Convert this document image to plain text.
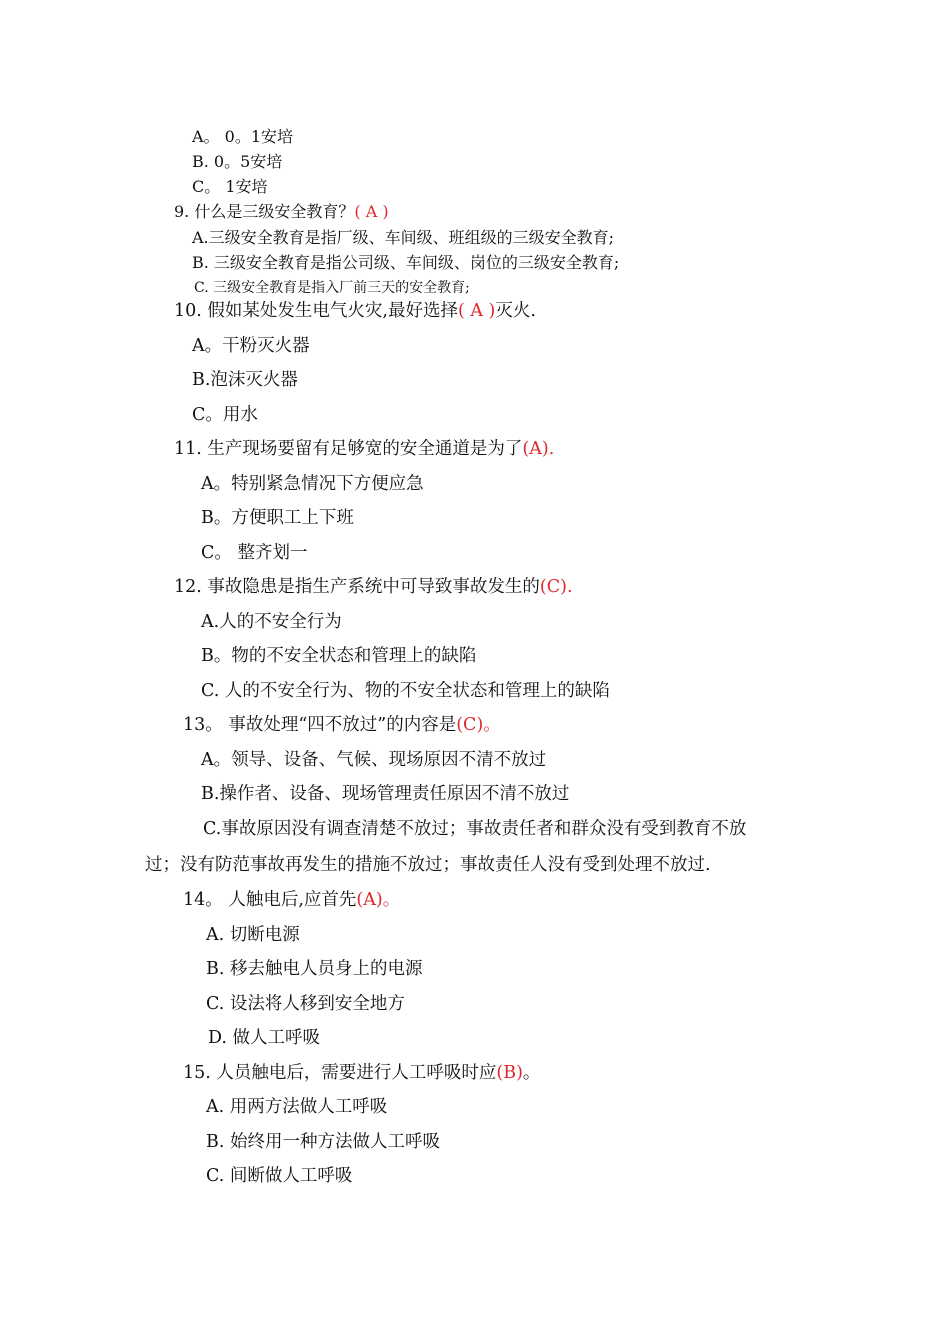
A。 0。1安培
B. 0。5安培
C。 1安培
9. 什么是三级安全教育？( A )
A.三级安全教育是指厂级、车间级、班组级的三级安全教育;
B. 三级安全教育是指公司级、车间级、岗位的三级安全教育;
C. 三级安全教育是指入厂前三天的安全教育;
10. 假如某处发生电气火灾,最好选择( A )灭火.
A。干粉灭火器
B.泡沫灭火器
C。用水
11. 生产现场要留有足够宽的安全通道是为了(A).
A。特别紧急情况下方便应急
B。方便职工上下班
C。 整齐划一
12. 事故隐患是指生产系统中可导致事故发生的(C).
A.人的不安全行为
B。物的不安全状态和管理上的缺陷
C. 人的不安全行为、物的不安全状态和管理上的缺陷
13。 事故处理“四不放过”的内容是(C)。
A。领导、设备、气候、现场原因不清不放过
B.操作者、设备、现场管理责任原因不清不放过
C.事故原因没有调查清楚不放过；事故责任者和群众没有受到教育不放
过；没有防范事故再发生的措施不放过；事故责任人没有受到处理不放过.
14。 人触电后,应首先(A)。
A. 切断电源
B. 移去触电人员身上的电源
C. 设法将人移到安全地方
D. 做人工呼吸
15. 人员触电后，需要进行人工呼吸时应(B)。
A. 用两方法做人工呼吸
B. 始终用一种方法做人工呼吸
C. 间断做人工呼吸
